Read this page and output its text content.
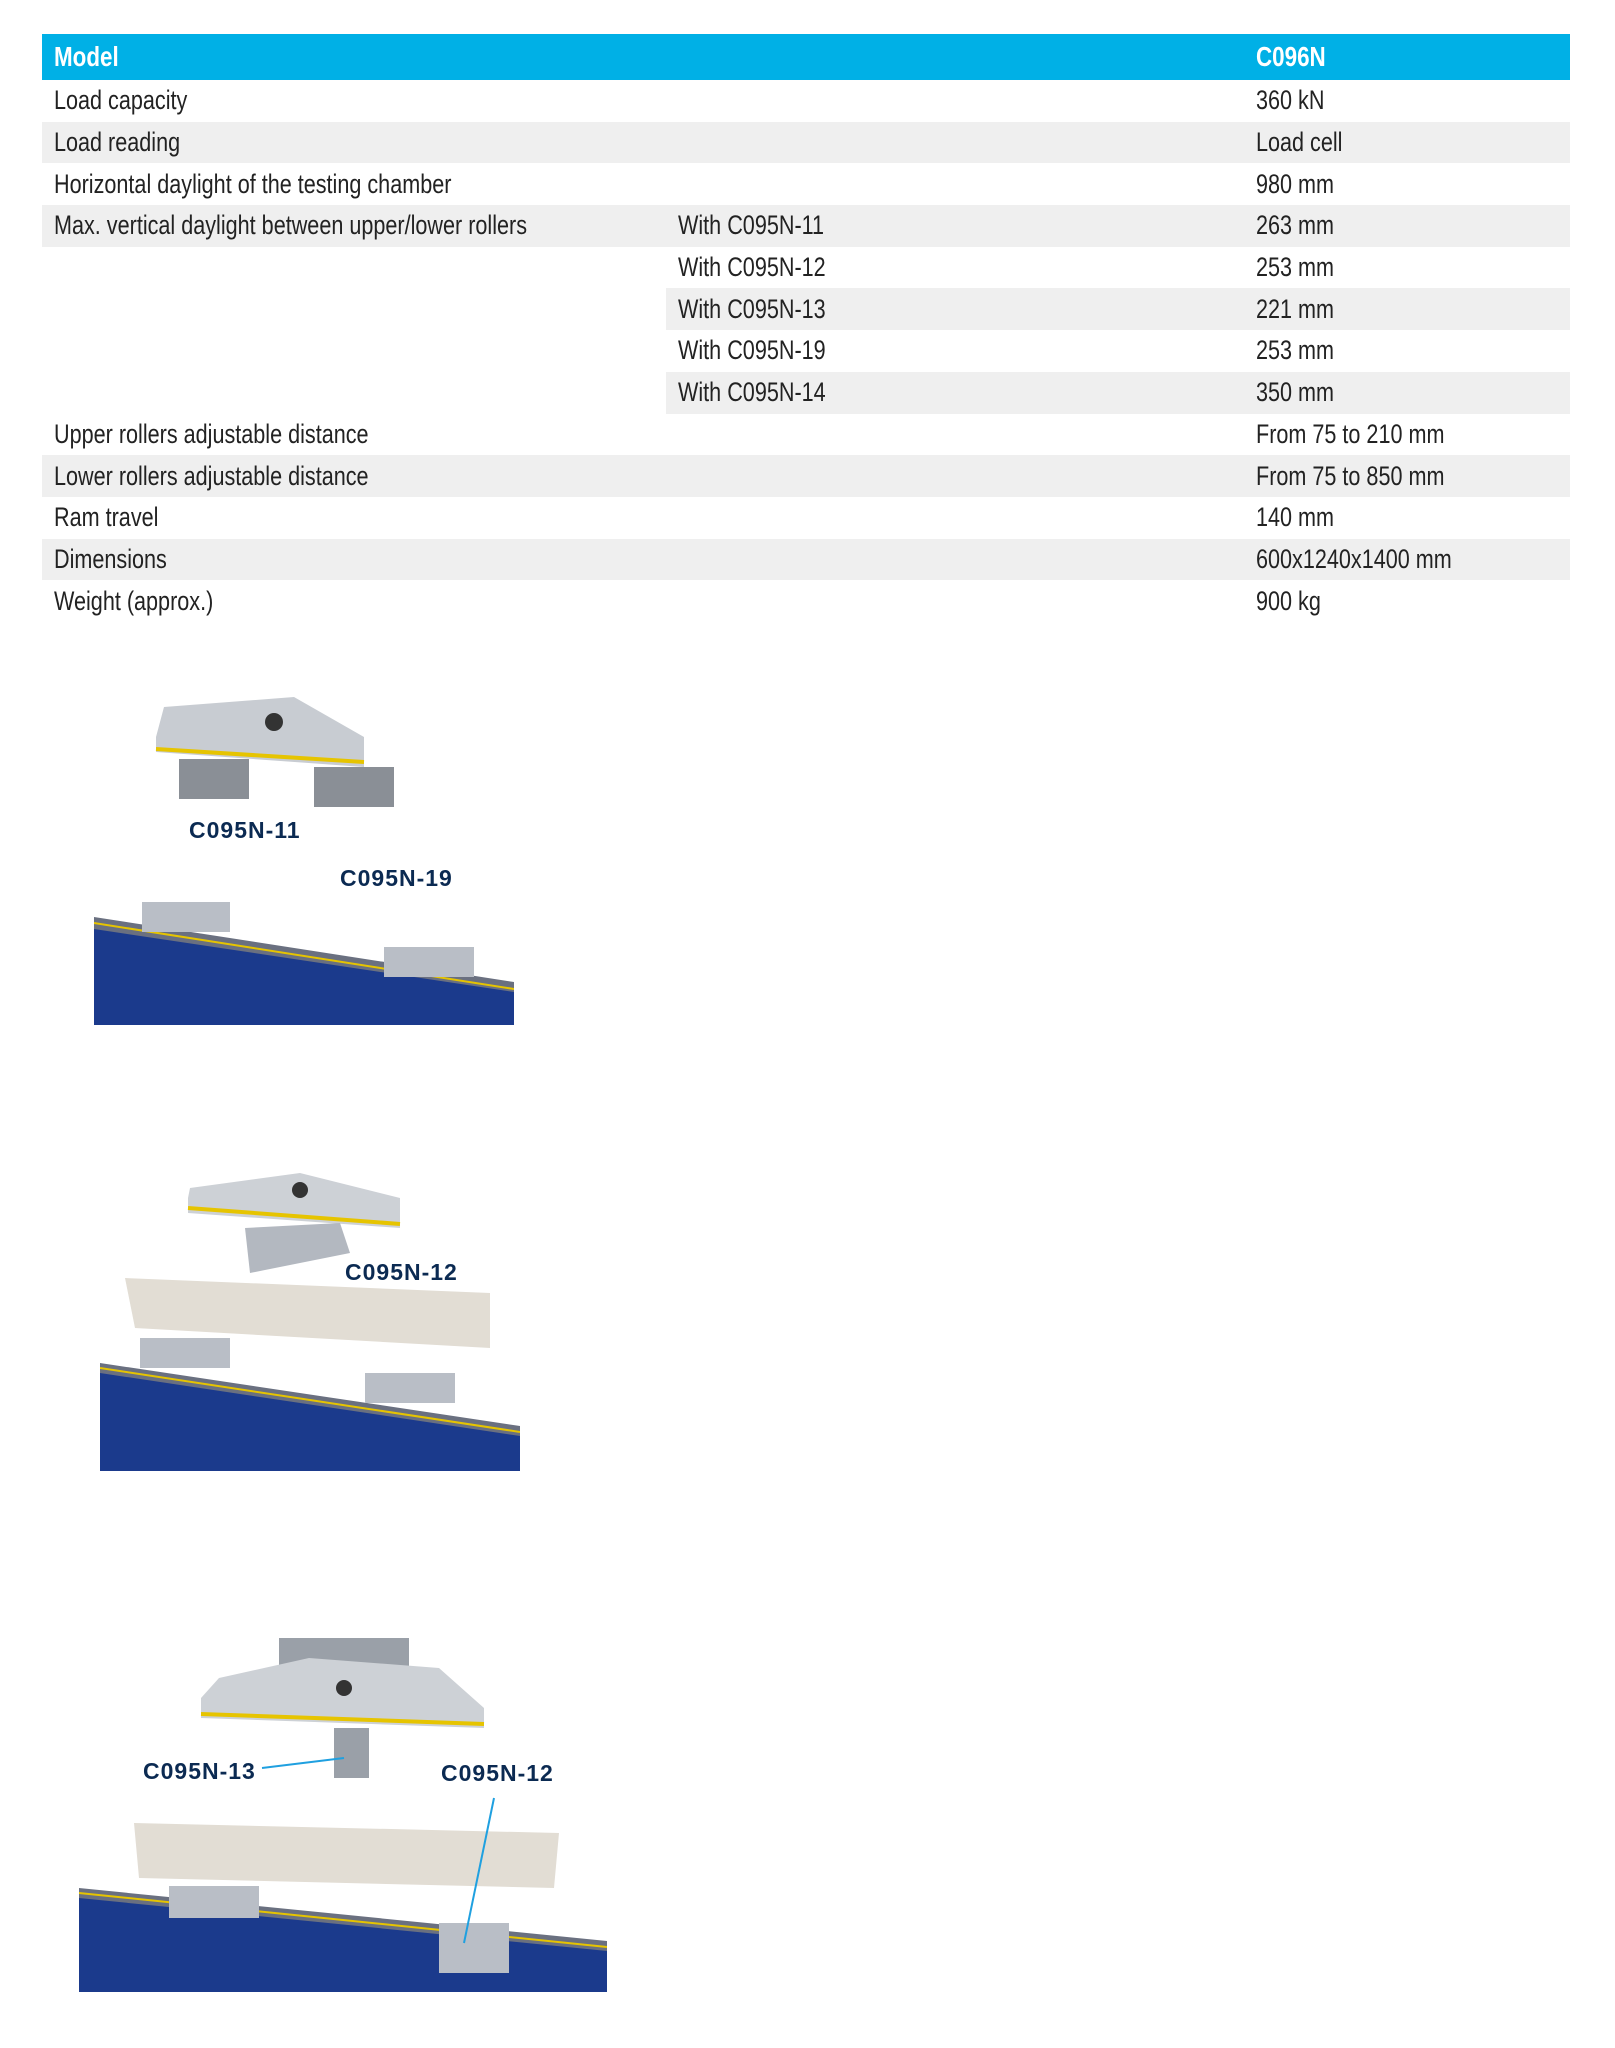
Model		C096N
Load capacity		360 kN
Load reading		Load cell
Horizontal daylight of the testing chamber		980 mm
Max. vertical daylight between upper/lower rollers	With C095N-11	263 mm
	With C095N-12	253 mm
	With C095N-13	221 mm
	With C095N-19	253 mm
	With C095N-14	350 mm
Upper rollers adjustable distance		From 75 to 210 mm
Lower rollers adjustable distance		From 75 to 850 mm
Ram travel		140 mm
Dimensions		600x1240x1400 mm
Weight (approx.)		900 kg
C095N-11
C095N-19
C095N-12
C095N-13	C095N-12
